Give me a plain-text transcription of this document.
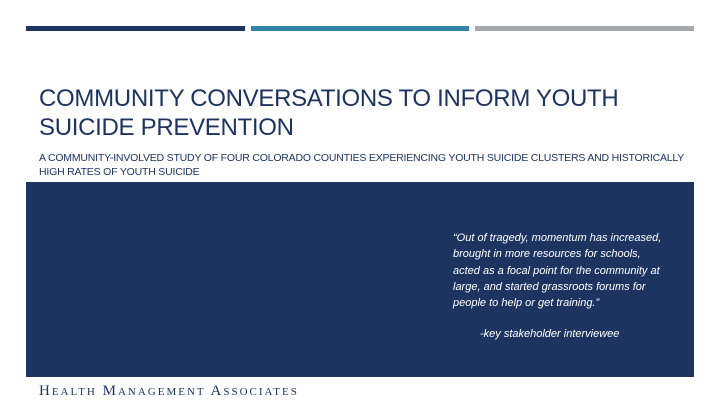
COMMUNITY CONVERSATIONS TO INFORM YOUTH SUICIDE PREVENTION

A COMMUNITY-INVOLVED STUDY OF FOUR COLORADO COUNTIES EXPERIENCING YOUTH SUICIDE CLUSTERS AND HISTORICALLY HIGH RATES OF YOUTH SUICIDE

“Out of tragedy, momentum has increased, brought in more resources for schools, acted as a focal point for the community at large, and started grassroots forums for people to help or get training.”

-key stakeholder interviewee

Health Management Associates
